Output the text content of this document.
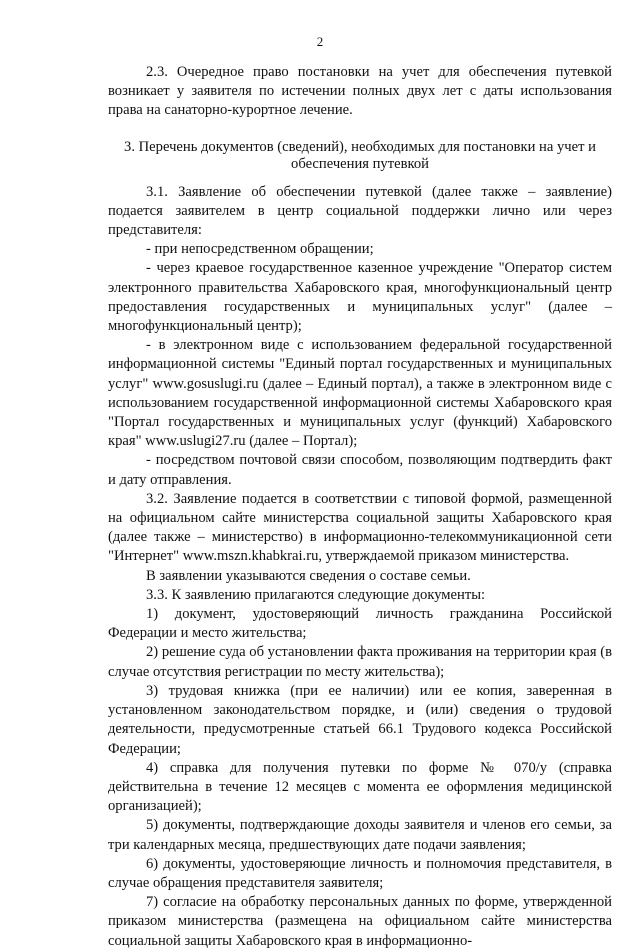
2

2.3. Очередное право постановки на учет для обеспечения путевкой возникает у заявителя по истечении полных двух лет с даты использования права на санаторно-курортное лечение.

3. Перечень документов (сведений), необходимых для постановки на учет и обеспечения путевкой

3.1. Заявление об обеспечении путевкой (далее также – заявление) подается заявителем в центр социальной поддержки лично или через представителя:

- при непосредственном обращении;

- через краевое государственное казенное учреждение "Оператор систем электронного правительства Хабаровского края, многофункциональный центр предоставления государственных и муниципальных услуг" (далее – многофункциональный центр);

- в электронном виде с использованием федеральной государственной информационной системы "Единый портал государственных и муниципальных услуг" www.gosuslugi.ru (далее – Единый портал), а также в электронном виде с использованием государственной информационной системы Хабаровского края "Портал государственных и муниципальных услуг (функций) Хабаровского края" www.uslugi27.ru (далее – Портал);

- посредством почтовой связи способом, позволяющим подтвердить факт и дату отправления.

3.2. Заявление подается в соответствии с типовой формой, размещенной на официальном сайте министерства социальной защиты Хабаровского края (далее также – министерство) в информационно-телекоммуникационной сети "Интернет" www.mszn.khabkrai.ru, утверждаемой приказом министерства.

В заявлении указываются сведения о составе семьи.

3.3. К заявлению прилагаются следующие документы:

1) документ, удостоверяющий личность гражданина Российской Федерации и место жительства;

2) решение суда об установлении факта проживания на территории края (в случае отсутствия регистрации по месту жительства);

3) трудовая книжка (при ее наличии) или ее копия, заверенная в установленном законодательством порядке, и (или) сведения о трудовой деятельности, предусмотренные статьей 66.1 Трудового кодекса Российской Федерации;

4) справка для получения путевки по форме № 070/у (справка действительна в течение 12 месяцев с момента ее оформления медицинской организацией);

5) документы, подтверждающие доходы заявителя и членов его семьи, за три календарных месяца, предшествующих дате подачи заявления;

6) документы, удостоверяющие личность и полномочия представителя, в случае обращения представителя заявителя;

7) согласие на обработку персональных данных по форме, утвержденной приказом министерства (размещена на официальном сайте министерства социальной защиты Хабаровского края в информационно-
